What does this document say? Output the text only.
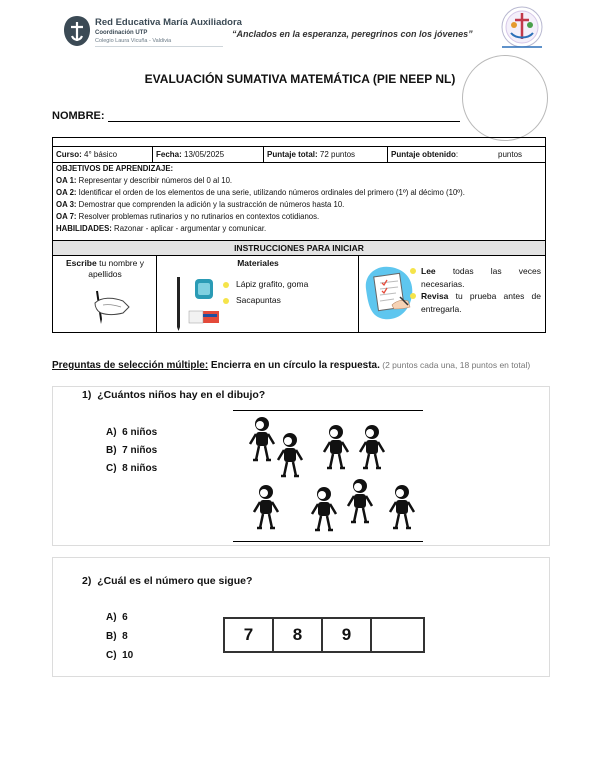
Red Educativa María Auxiliadora
Coordinación UTP
Colegio Laura Vicuña - Valdivia
“Anclados en la esperanza, peregrinos con los jóvenes”
EVALUACIÓN SUMATIVA MATEMÁTICA (PIE NEEP NL)
NOMBRE:
Curso: 4° básico	Fecha: 13/05/2025	Puntaje total: 72 puntos	Puntaje obtenido:	puntos
OBJETIVOS DE APRENDIZAJE:
OA 1: Representar y describir números del 0 al 10.
OA 2: Identificar el orden de los elementos de una serie, utilizando números ordinales del primero (1º) al décimo (10º).
OA 3: Demostrar que comprenden la adición y la sustracción de números hasta 10.
OA 7: Resolver problemas rutinarios y no rutinarios en contextos cotidianos.
HABILIDADES: Razonar - aplicar - argumentar y comunicar.
INSTRUCCIONES PARA INICIAR
Escribe tu nombre y apellidos
Materiales
Lápiz grafito, goma
Sacapuntas
Lee todas las veces necesarias.

Revisa tu prueba antes de entregarla.
Preguntas de selección múltiple: Encierra en un círculo la respuesta. (2 puntos cada una, 18 puntos en total)
1) ¿Cuántos niños hay en el dibujo?
A) 6 niños
B) 7 niños
C) 8 niños
2) ¿Cuál es el número que sigue?
A) 6
B) 8
C) 10
7	8	9
